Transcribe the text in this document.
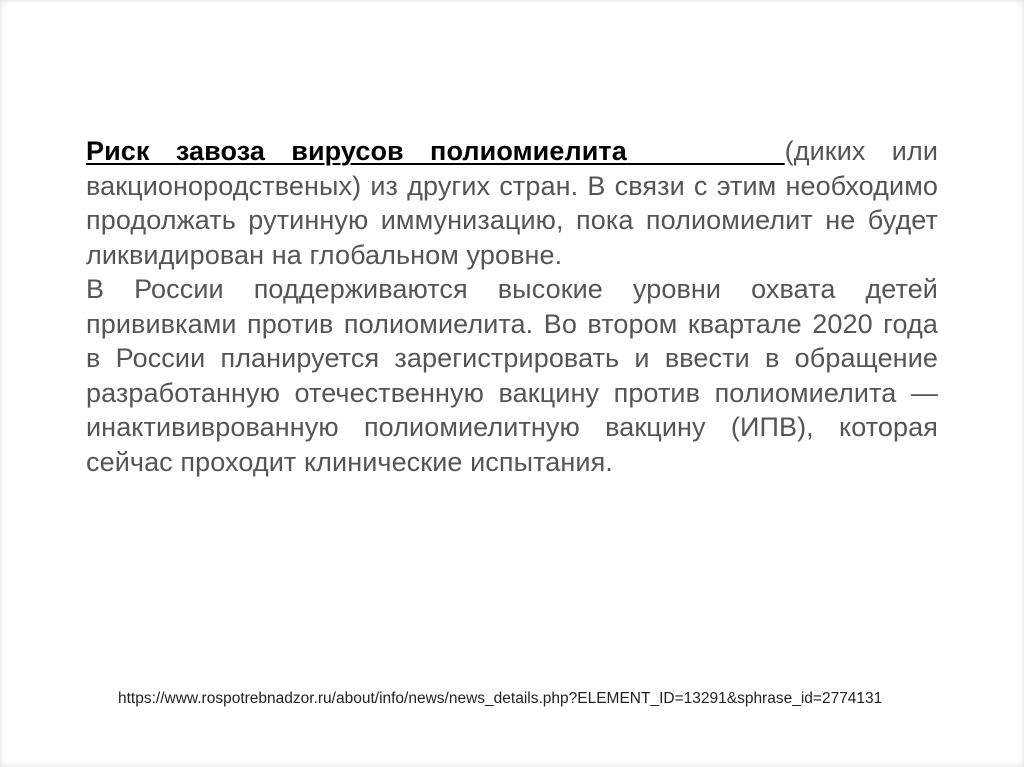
Риск завоза вирусов полиомиелита	(диких или вакционородственых) из других стран. В связи с этим необходимо продолжать рутинную иммунизацию, пока полиомиелит не будет ликвидирован на глобальном уровне.

В России поддерживаются высокие уровни охвата детей прививками против полиомиелита. Во втором квартале 2020 года в России планируется зарегистрировать и ввести в обращение разработанную отечественную вакцину против полиомиелита — инактививрованную полиомиелитную вакцину (ИПВ), которая сейчас проходит клинические испытания.

https://www.rospotrebnadzor.ru/about/info/news/news_details.php?ELEMENT_ID=13291&sphrase_id=2774131
